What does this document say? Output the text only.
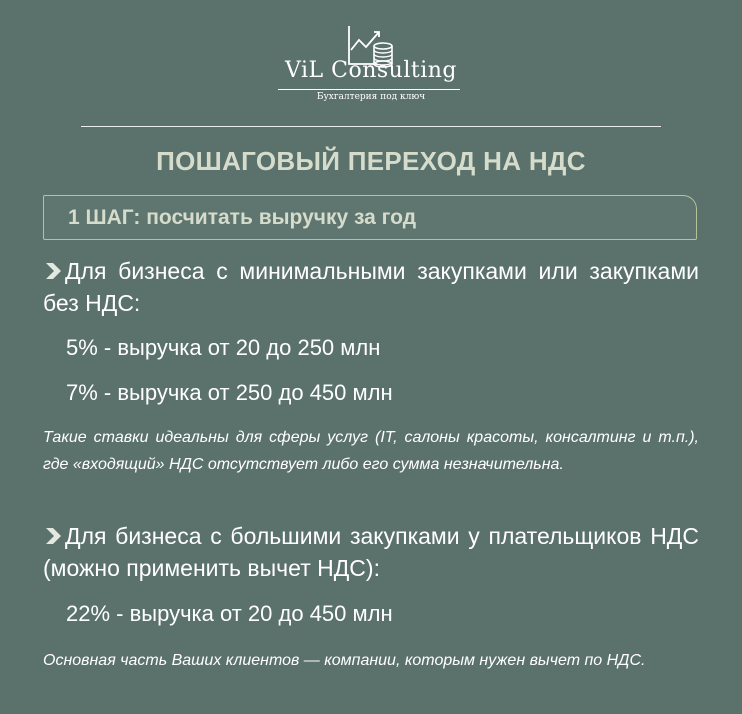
ViL Consulting
Бухгалтерия под ключ
ПОШАГОВЫЙ ПЕРЕХОД НА НДС
1 ШАГ: посчитать выручку за год
Для бизнеса с минимальными закупками или закупками без НДС:
5% - выручка от 20 до 250 млн
7% - выручка от 250 до 450 млн
Такие ставки идеальны для сферы услуг (IT, салоны красоты, консалтинг и т.п.), где «входящий» НДС отсутствует либо его сумма незначительна.
Для бизнеса с большими закупками у плательщиков НДС (можно применить вычет НДС):
22% - выручка от 20 до 450 млн
Основная часть Ваших клиентов — компании, которым нужен вычет по НДС.
